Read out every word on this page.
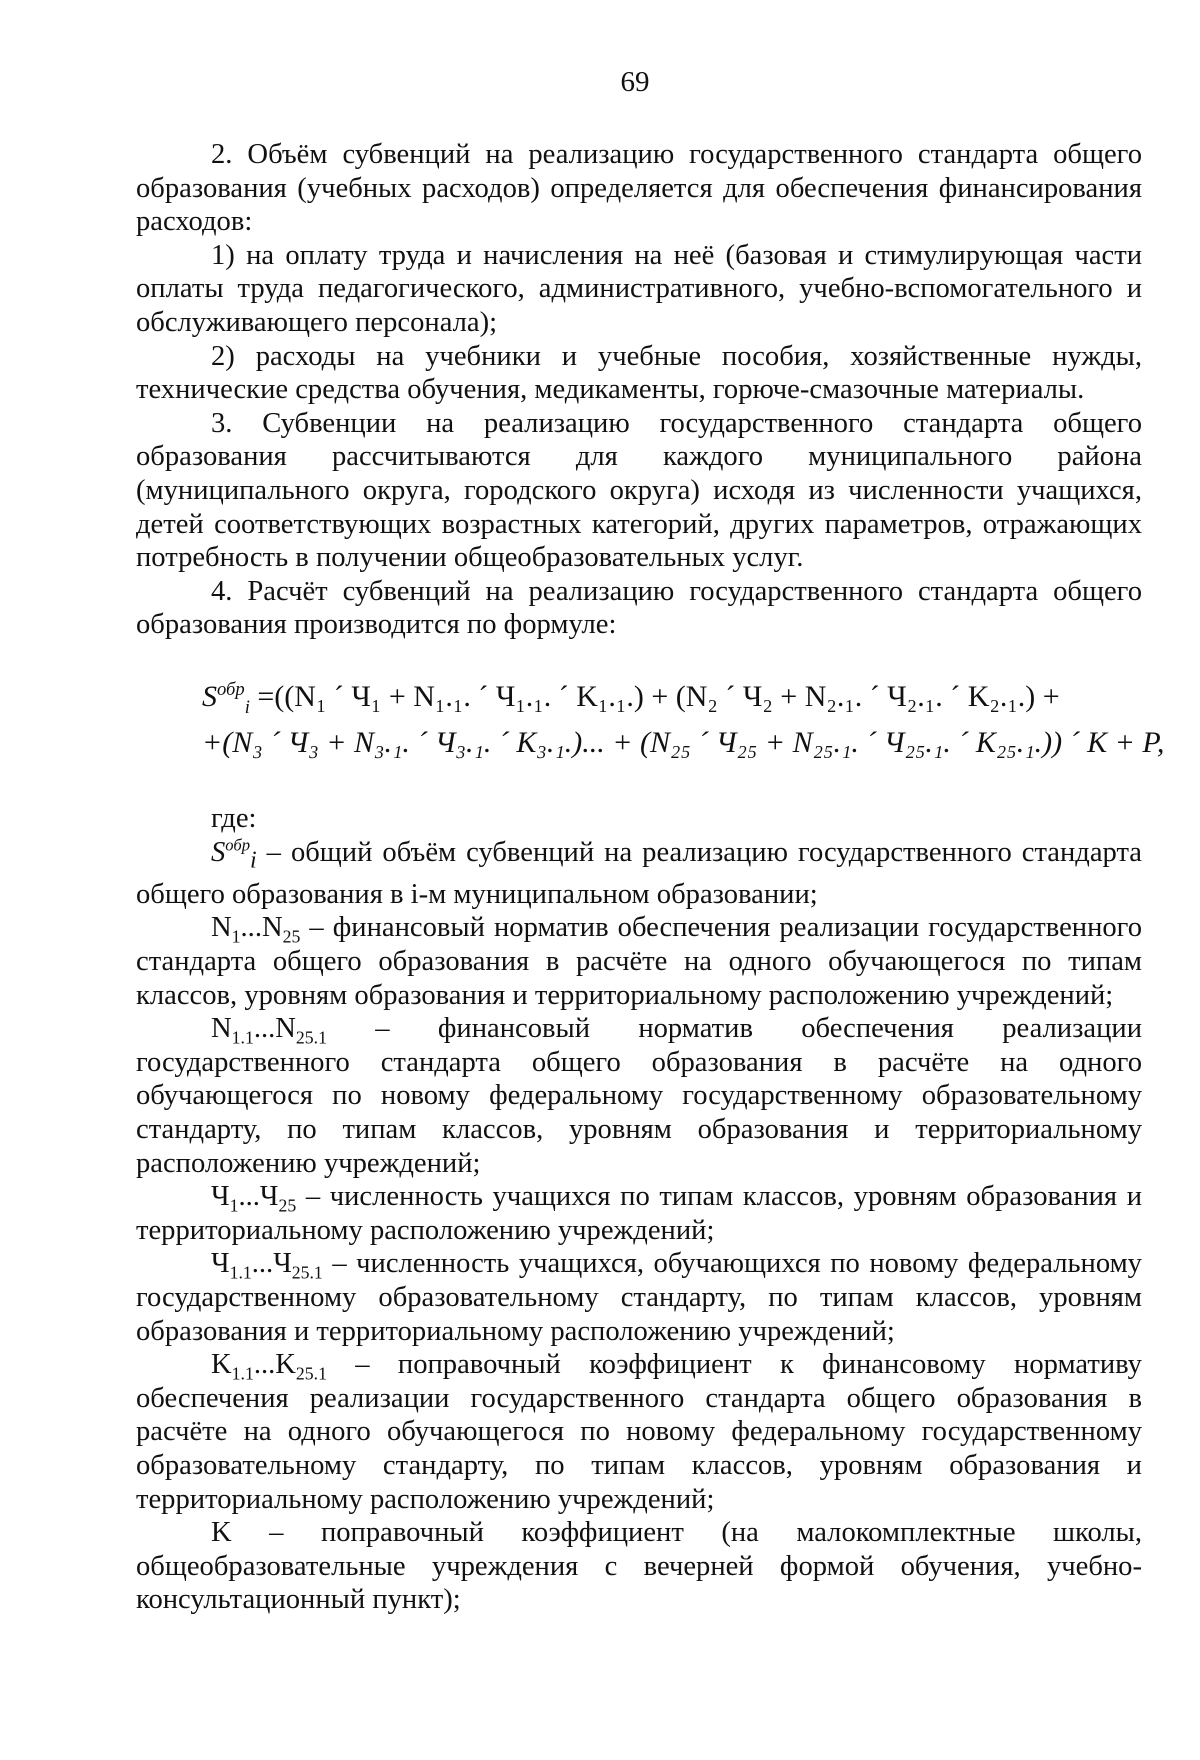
69

2. Объём субвенций на реализацию государственного стандарта общего образования (учебных расходов) определяется для обеспечения финансирования расходов:

1) на оплату труда и начисления на неё (базовая и стимулирующая части оплаты труда педагогического, административного, учебно-вспомогательного и обслуживающего персонала);

2) расходы на учебники и учебные пособия, хозяйственные нужды, технические средства обучения, медикаменты, горюче-смазочные материалы.

3. Субвенции на реализацию государственного стандарта общего образования рассчитываются для каждого муниципального района (муниципального округа, городского округа) исходя из численности учащихся, детей соответствующих возрастных категорий, других параметров, отражающих потребность в получении общеобразовательных услуг.

4. Расчёт субвенций на реализацию государственного стандарта общего образования производится по формуле:

$S^{обр}_i =((N_1$ ´ Ч₁ + N₁.₁. ´ Ч₁.₁. ´ K₁.₁.) + (N₂ ´ Ч₂ + N₂.₁. ´ Ч₂.₁. ´ K₂.₁.) +
+(N₃ ´ Ч₃ + N₃.₁. ´ Ч₃.₁. ´ K₃.₁.)... + (N₂₅ ´ Ч₂₅ + N₂₅.₁. ´ Ч₂₅.₁. ´ K₂₅.₁.)) ´ K + P,

где:

$S^{обр}_i$ – общий объём субвенций на реализацию государственного стандарта общего образования в i-м муниципальном образовании;

$N_1...N_{25}$ – финансовый норматив обеспечения реализации государственного стандарта общего образования в расчёте на одного обучающегося по типам классов, уровням образования и территориальному расположению учреждений;

$N_{1.1}...N_{25.1}$ – финансовый норматив обеспечения реализации государственного стандарта общего образования в расчёте на одного обучающегося по новому федеральному государственному образовательному стандарту, по типам классов, уровням образования и территориальному расположению учреждений;

$Ч_1...Ч_{25}$ – численность учащихся по типам классов, уровням образования и территориальному расположению учреждений;

$Ч_{1.1}...Ч_{25.1}$ – численность учащихся, обучающихся по новому федеральному государственному образовательному стандарту, по типам классов, уровням образования и территориальному расположению учреждений;

$K_{1.1}...K_{25.1}$ – поправочный коэффициент к финансовому нормативу обеспечения реализации государственного стандарта общего образования в расчёте на одного обучающегося по новому федеральному государственному образовательному стандарту, по типам классов, уровням образования и территориальному расположению учреждений;

K – поправочный коэффициент (на малокомплектные школы, общеобразовательные учреждения с вечерней формой обучения, учебно-консультационный пункт);
